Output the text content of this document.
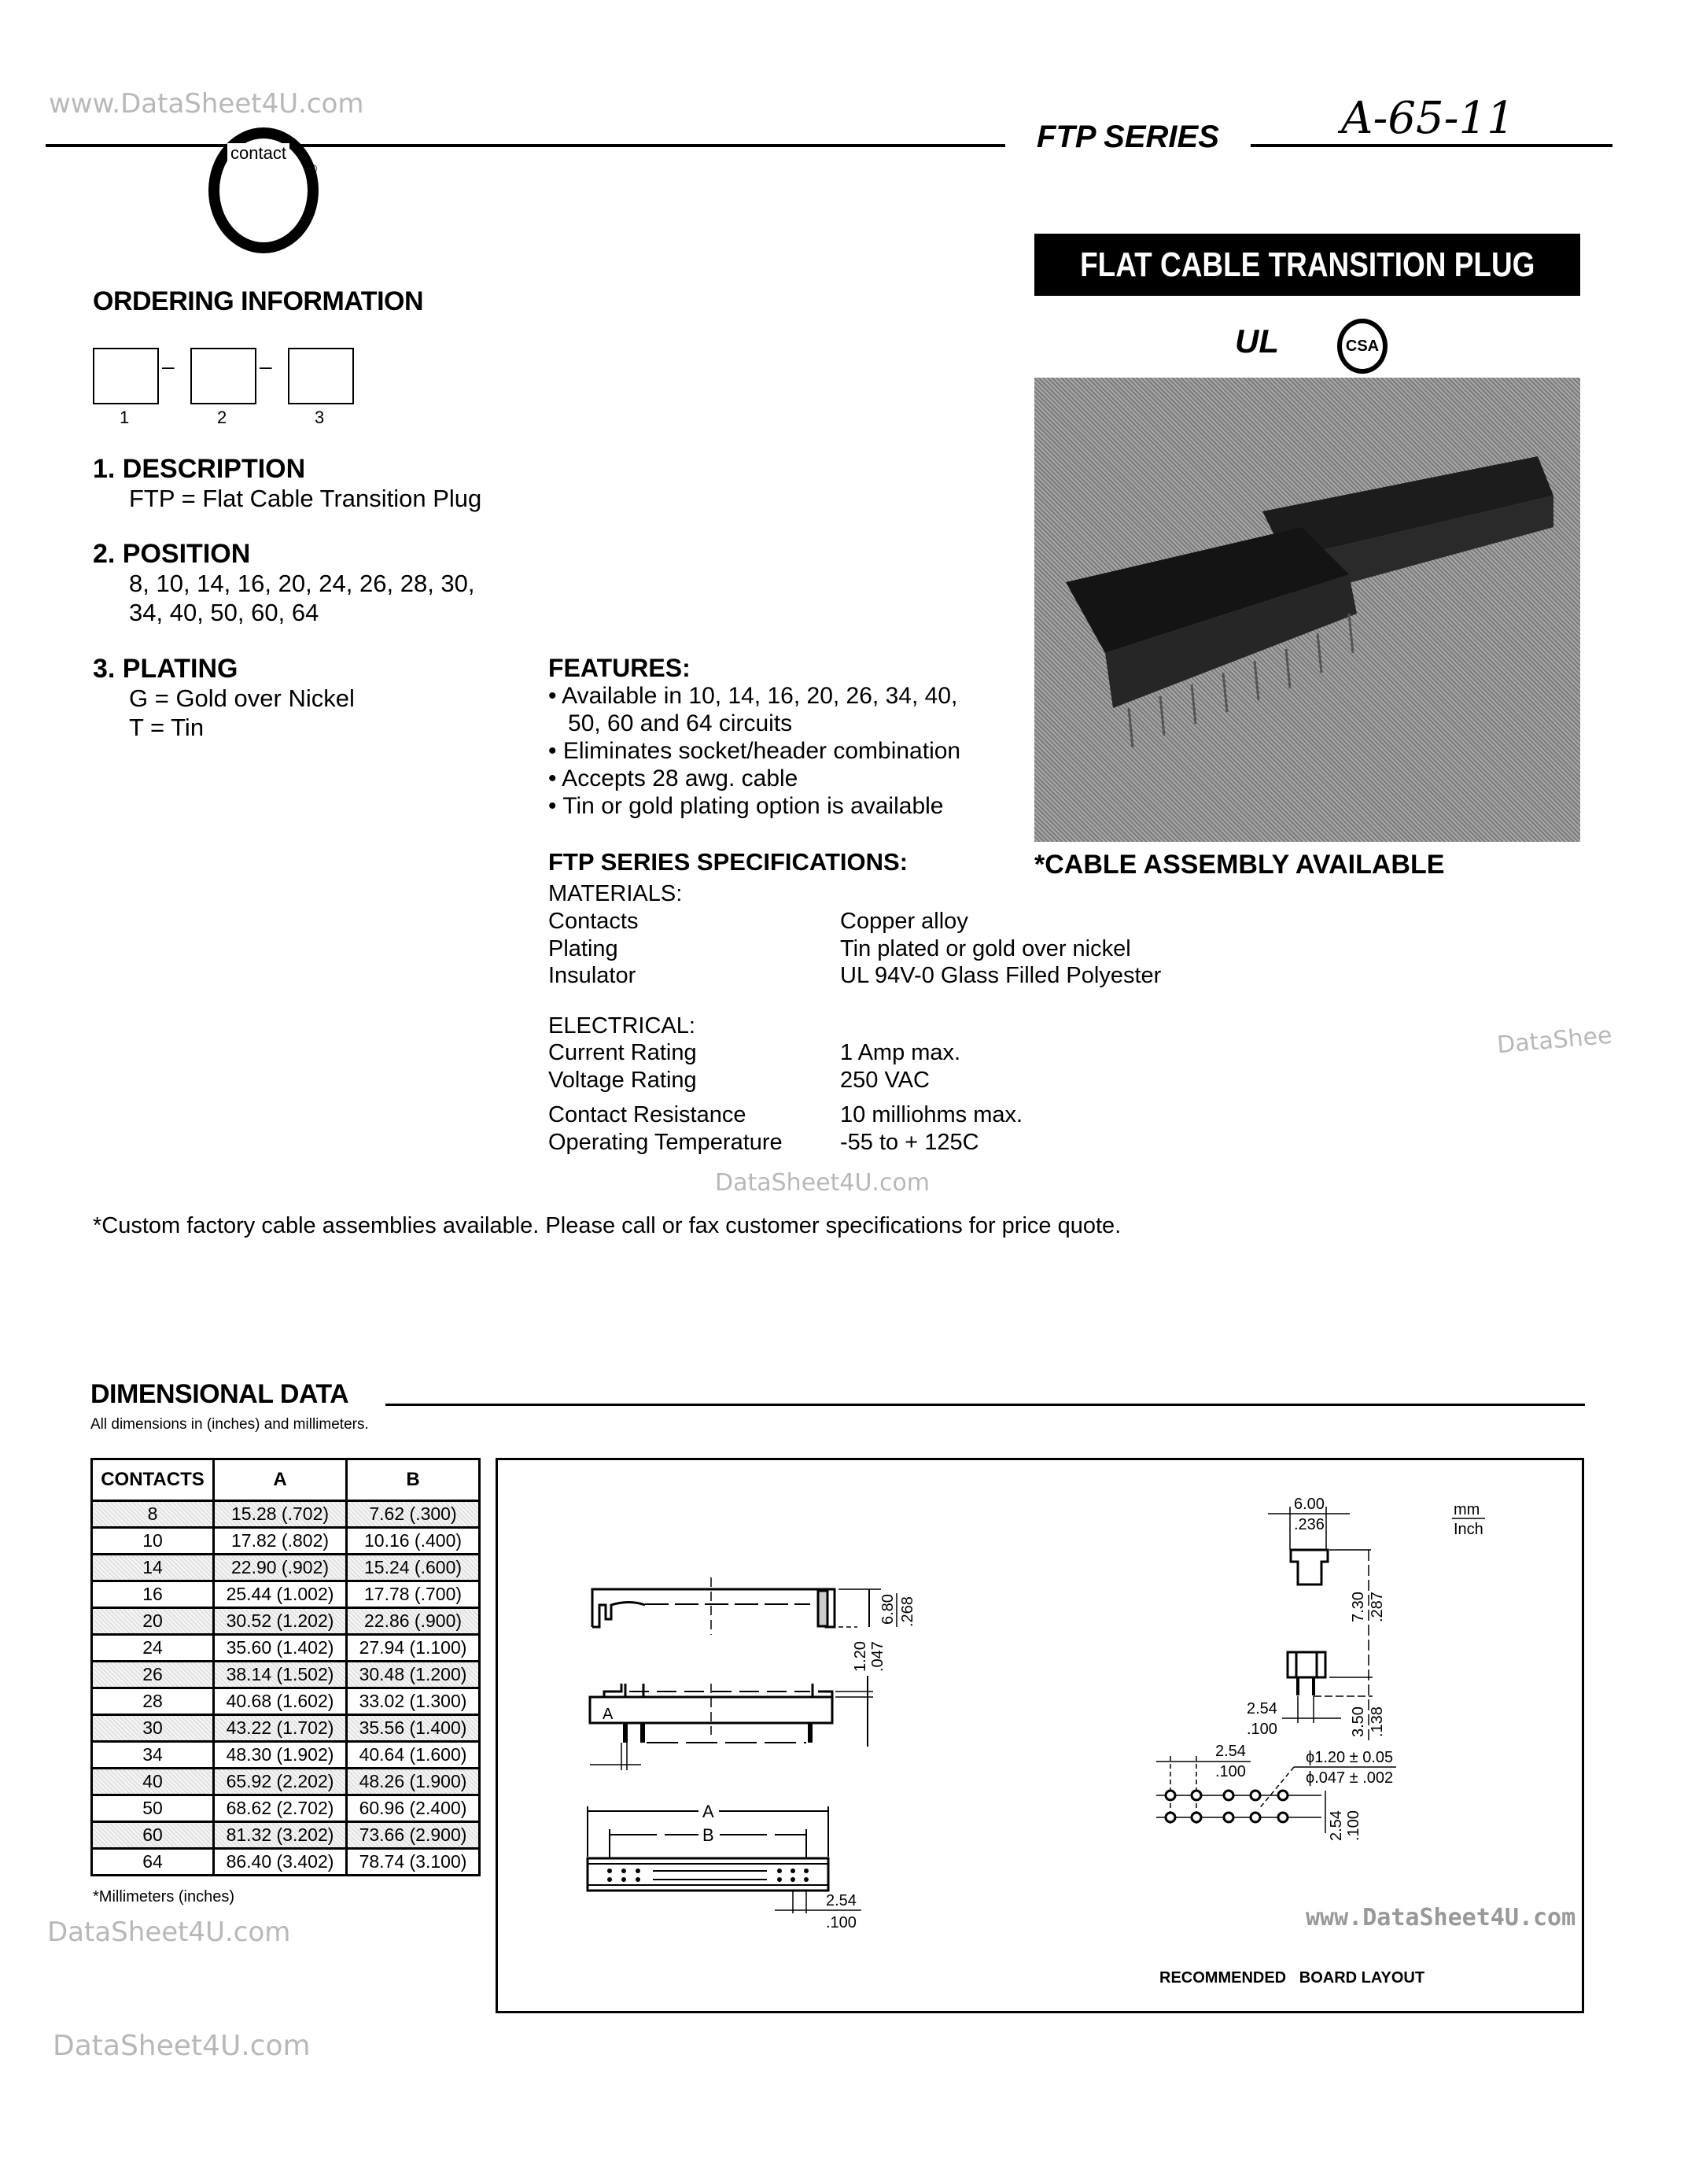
www.DataSheet4U.com
DataShee
DataSheet4U.com
DataSheet4U.com
DataSheet4U.com
www.DataSheet4U.com
contact
®
FTP SERIES	A-65-11
FLAT CABLE TRANSITION PLUG
UL	CSA
*CABLE ASSEMBLY AVAILABLE
ORDERING INFORMATION
–	–
1	2	3
1. DESCRIPTION
FTP = Flat Cable Transition Plug
2. POSITION
8, 10, 14, 16, 20, 24, 26, 28, 30,
34, 40, 50, 60, 64
3. PLATING
G = Gold over Nickel
T = Tin
FEATURES:
• Available in 10, 14, 16, 20, 26, 34, 40,
50, 60 and 64 circuits
• Eliminates socket/header combination
• Accepts 28 awg. cable
• Tin or gold plating option is available
FTP SERIES SPECIFICATIONS:
MATERIALS:
Contacts	Copper alloy
Plating	Tin plated or gold over nickel
Insulator	UL 94V-0 Glass Filled Polyester
ELECTRICAL:
Current Rating	1 Amp max.
Voltage Rating	250 VAC
Contact Resistance	10 milliohms max.
Operating Temperature	-55 to + 125C
*Custom factory cable assemblies available. Please call or fax customer specifications for price quote.
DIMENSIONAL DATA
All dimensions in (inches) and millimeters.
CONTACTS	A	B
8	15.28 (.702)	7.62 (.300)
10	17.82 (.802)	10.16 (.400)
14	22.90 (.902)	15.24 (.600)
16	25.44 (1.002)	17.78 (.700)
20	30.52 (1.202)	22.86 (.900)
24	35.60 (1.402)	27.94 (1.100)
26	38.14 (1.502)	30.48 (1.200)
28	40.68 (1.602)	33.02 (1.300)
30	43.22 (1.702)	35.56 (1.400)
34	48.30 (1.902)	40.64 (1.600)
40	65.92 (2.202)	48.26 (1.900)
50	68.62 (2.702)	60.96 (2.400)
60	81.32 (3.202)	73.66 (2.900)
64	86.40 (3.402)	78.74 (3.100)
*Millimeters (inches)
6.80 .268
A
1.20 .047
A
B
2.54
.100
6.00
.236
7.30 .287
2.54
.100	3.50 .138
mm
Inch
ϕ1.20 ± 0.05
ϕ.047 ± .002
2.54
.100
2.54 .100
RECOMMENDED   BOARD LAYOUT
